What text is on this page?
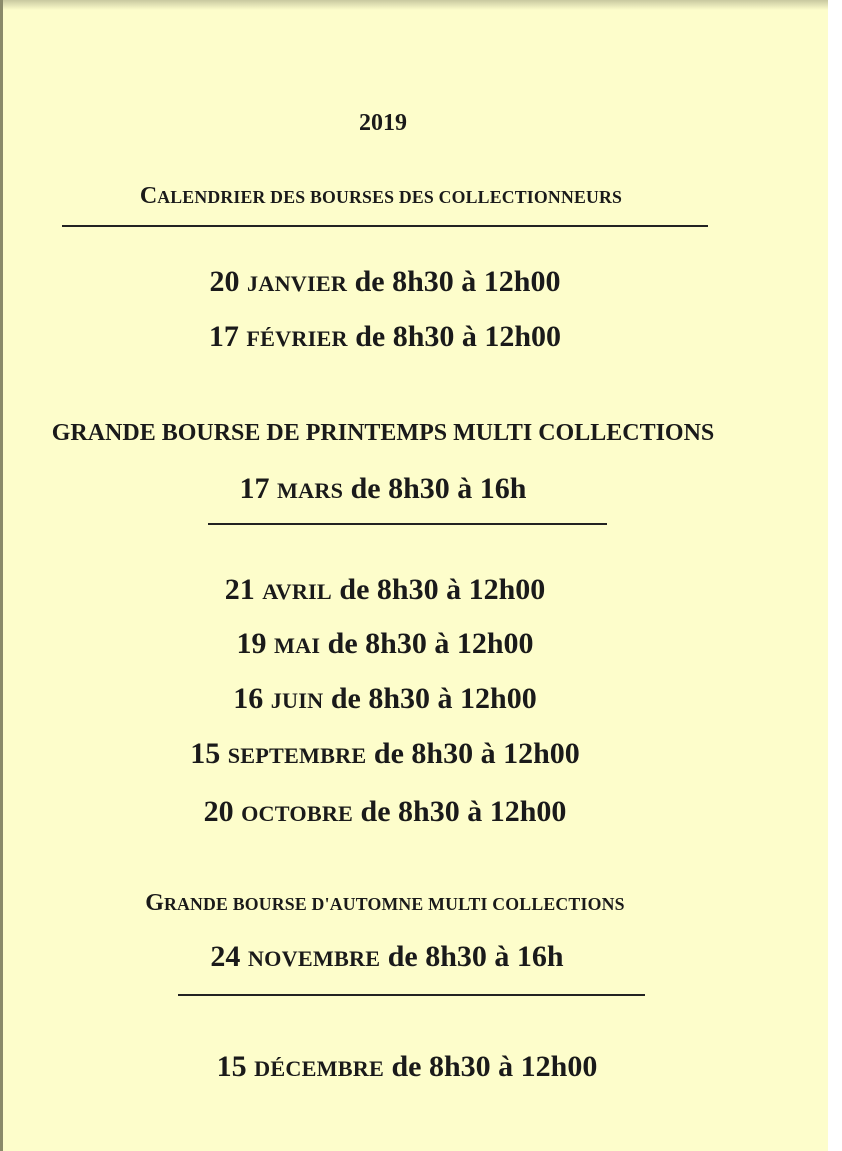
2019
CALENDRIER DES BOURSES DES COLLECTIONNEURS
20 JANVIER de 8h30 à 12h00
17 FÉVRIER de 8h30 à 12h00
GRANDE BOURSE DE PRINTEMPS MULTI COLLECTIONS
17 MARS de 8h30 à 16h
21 AVRIL de 8h30 à 12h00
19 MAI de 8h30 à 12h00
16 JUIN de 8h30 à 12h00
15 SEPTEMBRE de 8h30 à 12h00
20 OCTOBRE de 8h30 à 12h00
GRANDE BOURSE D'AUTOMNE MULTI COLLECTIONS
24 NOVEMBRE de 8h30 à 16h
15 DÉCEMBRE de 8h30 à 12h00
